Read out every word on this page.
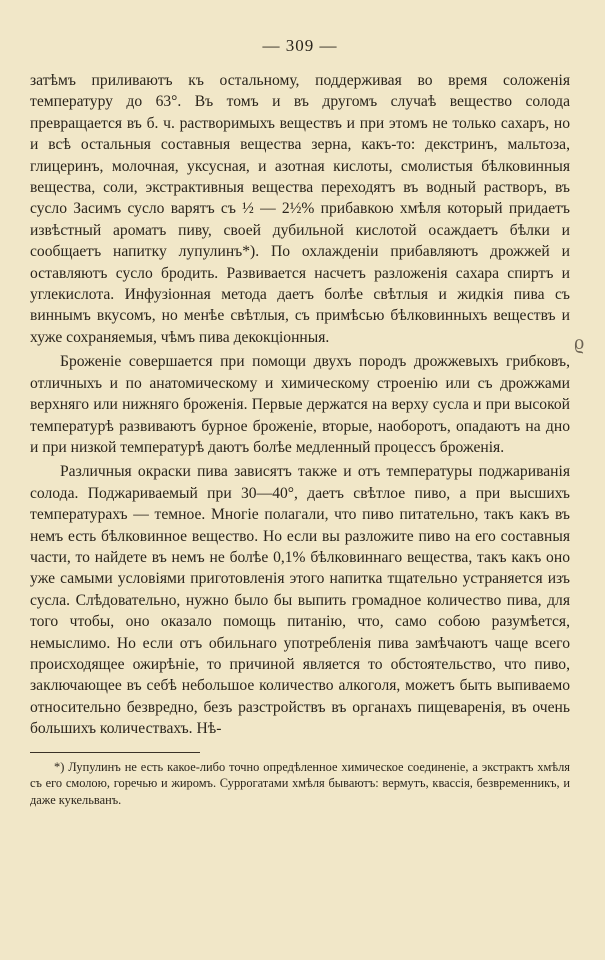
— 309 —

затѣмъ приливаютъ къ остальному, поддерживая во время соложенія температуру до 63°. Въ томъ и въ другомъ случаѣ вещество солода превращается въ б. ч. растворимыхъ веществъ и при этомъ не только сахаръ, но и всѣ остальныя составныя вещества зерна, какъ-то: декстринъ, мальтоза, глицеринъ, молочная, уксусная, и азотная кислоты, смолистыя бѣлковинныя вещества, соли, экстрактивныя вещества переходятъ въ водный растворъ, въ сусло Засимъ сусло варятъ съ ½ — 2½% прибавкою хмѣля который придаетъ извѣстный ароматъ пиву, своей дубильной кислотой осаждаетъ бѣлки и сообщаетъ напитку лупулинъ*). По охлажденіи прибавляютъ дрожжей и оставляютъ сусло бродить. Развивается насчетъ разложенія сахара спиртъ и углекислота. Инфузіонная метода даетъ болѣе свѣтлыя и жидкія пива съ виннымъ вкусомъ, но менѣе свѣтлыя, съ примѣсью бѣлковинныхъ веществъ и хуже сохраняемыя, чѣмъ пива декокціонныя.

Броженіе совершается при помощи двухъ породъ дрожжевыхъ грибковъ, отличныхъ и по анатомическому и химическому строенію или съ дрожжами верхняго или нижняго броженія. Первые держатся на верху сусла и при высокой температурѣ развиваютъ бурное броженіе, вторые, наоборотъ, опадаютъ на дно и при низкой температурѣ даютъ болѣе медленный процессъ броженія.

Различныя окраски пива зависятъ также и отъ температуры поджариванія солода. Поджариваемый при 30—40°, даетъ свѣтлое пиво, а при высшихъ температурахъ — темное. Многіе полагали, что пиво питательно, такъ какъ въ немъ есть бѣлковинное вещество. Но если вы разложите пиво на его составныя части, то найдете въ немъ не болѣе 0,1% бѣлковиннаго вещества, такъ какъ оно уже самыми условіями приготовленія этого напитка тщательно устраняется изъ сусла. Слѣдовательно, нужно было бы выпить громадное количество пива, для того чтобы, оно оказало помощь питанію, что, само собою разумѣется, немыслимо. Но если отъ обильнаго употребленія пива замѣчаютъ чаще всего происходящее ожирѣніе, то причиной является то обстоятельство, что пиво, заключающее въ себѣ небольшое количество алкоголя, можетъ быть выпиваемо относительно безвредно, безъ разстройствъ въ органахъ пищеваренія, въ очень большихъ количествахъ. Нѣ-

*) Лупулинъ не есть какое-либо точно опредѣленное химическое соединеніе, а экстрактъ хмѣля съ его смолою, горечью и жиромъ. Суррогатами хмѣля бываютъ: вермутъ, квассія, безвременникъ, и даже кукельванъ.

ϱ
